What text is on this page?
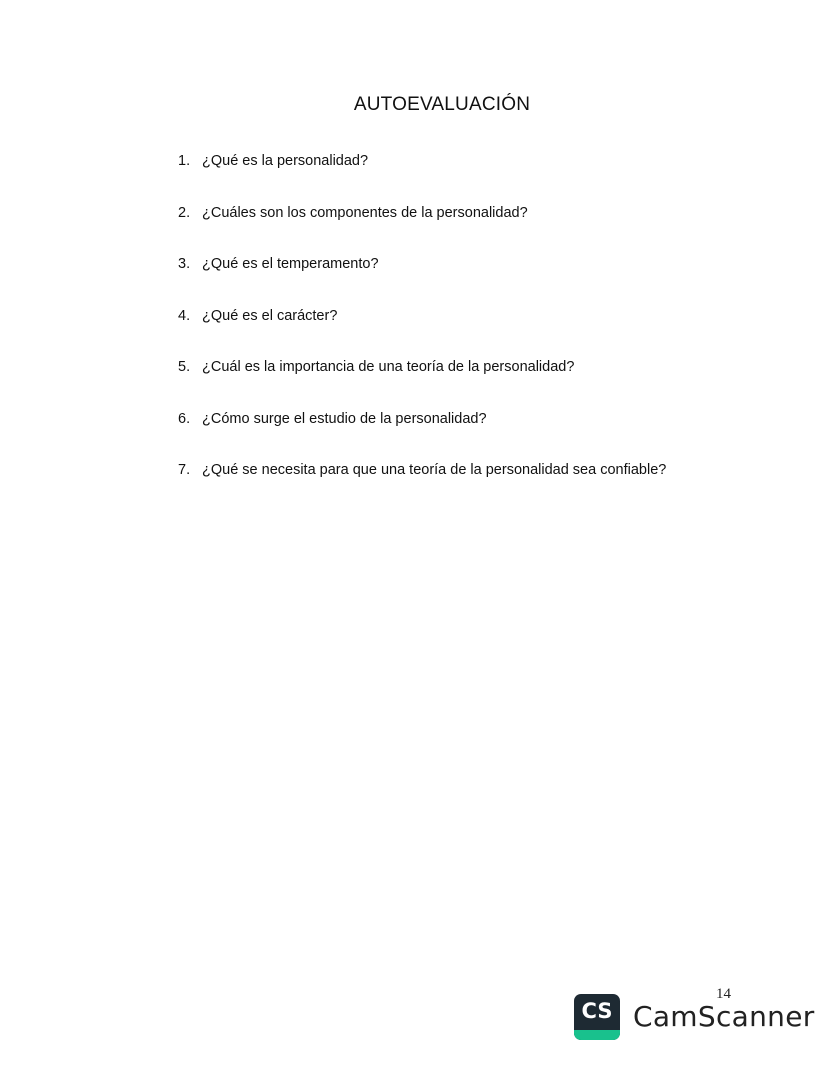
AUTOEVALUACIÓN
1. ¿Qué es la personalidad?
2. ¿Cuáles son los componentes de la personalidad?
3. ¿Qué es el temperamento?
4. ¿Qué es el carácter?
5. ¿Cuál es la importancia de una teoría de la personalidad?
6. ¿Cómo surge el estudio de la personalidad?
7. ¿Qué se necesita para que una teoría de la personalidad sea confiable?
14
CS CamScanner
